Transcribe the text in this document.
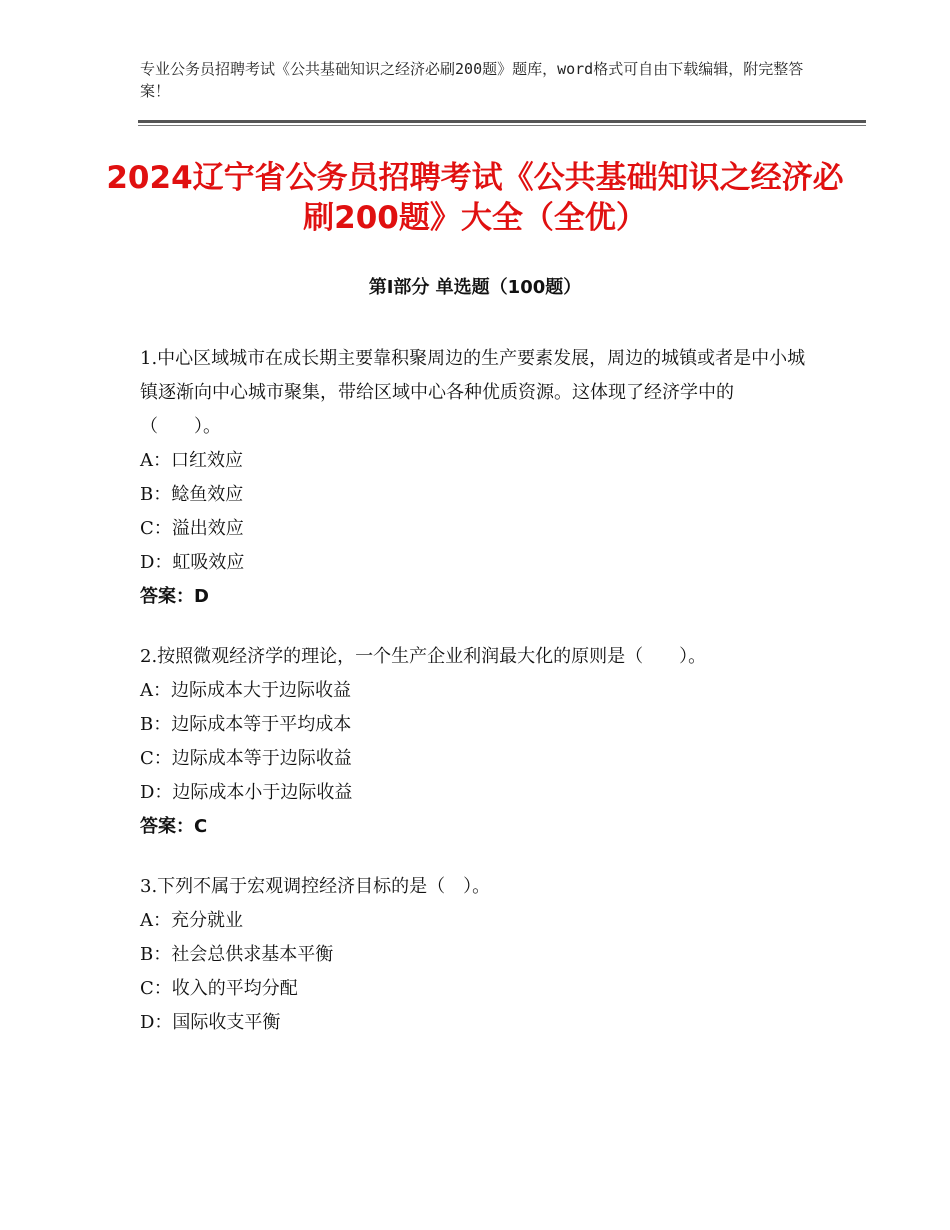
专业公务员招聘考试《公共基础知识之经济必刷200题》题库，word格式可自由下载编辑，附完整答案！
2024辽宁省公务员招聘考试《公共基础知识之经济必刷200题》大全（全优）
第Ⅰ部分 单选题（100题）

1.中心区域城市在成长期主要靠积聚周边的生产要素发展，周边的城镇或者是中小城镇逐渐向中心城市聚集，带给区域中心各种优质资源。这体现了经济学中的（　　）。

A：口红效应

B：鲶鱼效应

C：溢出效应

D：虹吸效应

答案：D

2.按照微观经济学的理论，一个生产企业利润最大化的原则是（　　）。

A：边际成本大于边际收益

B：边际成本等于平均成本

C：边际成本等于边际收益

D：边际成本小于边际收益

答案：C

3.下列不属于宏观调控经济目标的是（　）。

A：充分就业

B：社会总供求基本平衡

C：收入的平均分配

D：国际收支平衡
